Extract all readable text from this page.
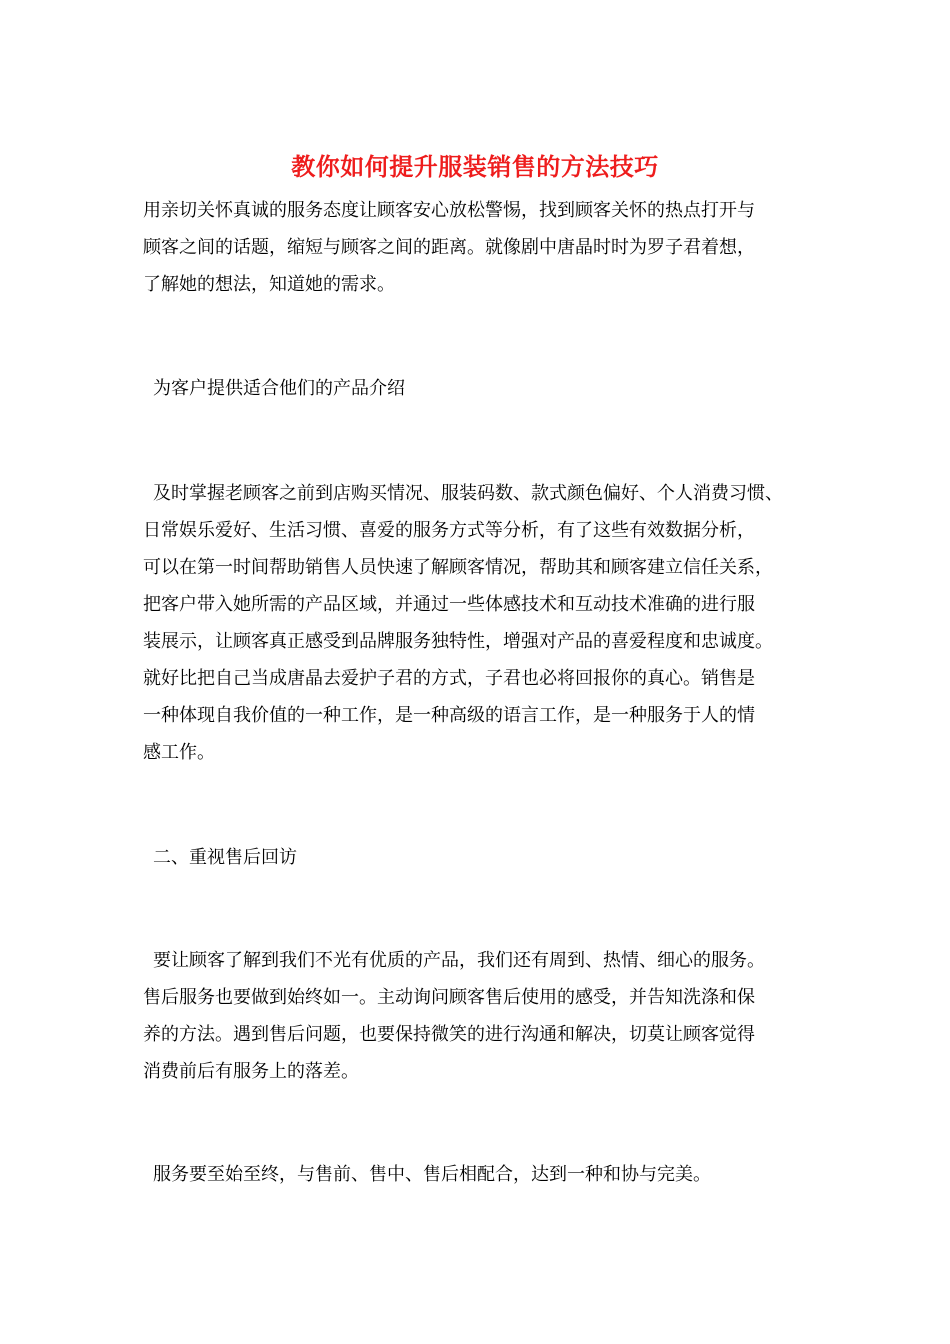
教你如何提升服装销售的方法技巧
用亲切关怀真诚的服务态度让顾客安心放松警惕，找到顾客关怀的热点打开与
顾客之间的话题，缩短与顾客之间的距离。就像剧中唐晶时时为罗子君着想，
了解她的想法，知道她的需求。
为客户提供适合他们的产品介绍
及时掌握老顾客之前到店购买情况、服装码数、款式颜色偏好、个人消费习惯、
日常娱乐爱好、生活习惯、喜爱的服务方式等分析，有了这些有效数据分析，
可以在第一时间帮助销售人员快速了解顾客情况，帮助其和顾客建立信任关系，
把客户带入她所需的产品区域，并通过一些体感技术和互动技术准确的进行服
装展示，让顾客真正感受到品牌服务独特性，增强对产品的喜爱程度和忠诚度。
就好比把自己当成唐晶去爱护子君的方式，子君也必将回报你的真心。销售是
一种体现自我价值的一种工作，是一种高级的语言工作，是一种服务于人的情
感工作。
二、重视售后回访
要让顾客了解到我们不光有优质的产品，我们还有周到、热情、细心的服务。
售后服务也要做到始终如一。主动询问顾客售后使用的感受，并告知洗涤和保
养的方法。遇到售后问题，也要保持微笑的进行沟通和解决，切莫让顾客觉得
消费前后有服务上的落差。
服务要至始至终，与售前、售中、售后相配合，达到一种和协与完美。
